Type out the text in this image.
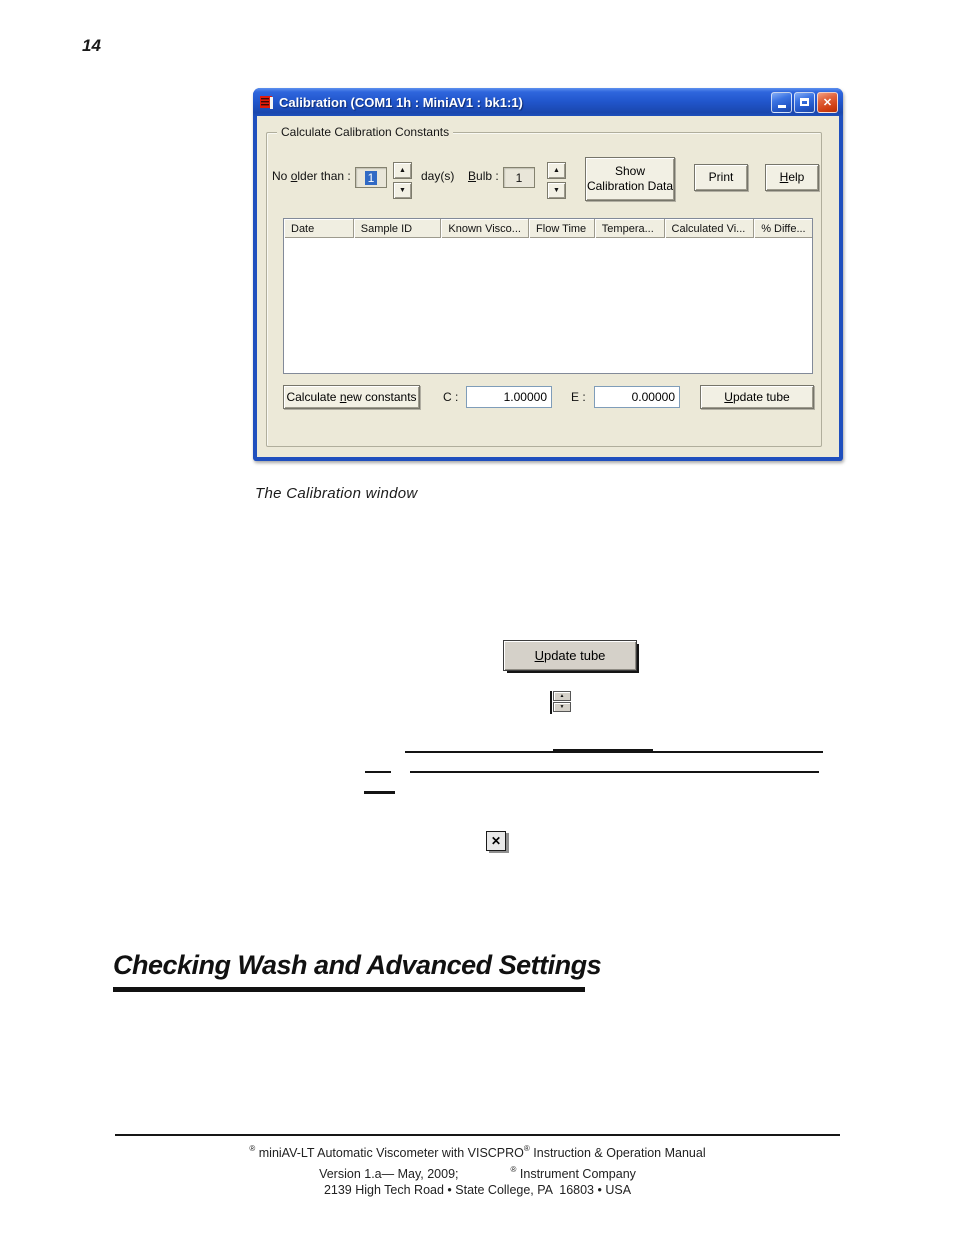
14
Calibration (COM1 1h : MiniAV1 : bk1:1)	✕
Calculate Calibration Constants
No older than : 1	▲
▼
day(s) Bulb : 1	▲
▼
Show
Calibration Data
Print	Help
Date	Sample ID	Known Visco...	Flow Time	Tempera...	Calculated Vi...	% Diffe...
Calculate new constants C :
1.00000	E :
0.00000	Update tube
The Calibration window
Update tube
▲
▼
✕
Checking Wash and Advanced Settings
® miniAV-LT Automatic Viscometer with VISCPRO® Instruction & Operation Manual
Version 1.a— May, 2009;	® Instrument Company
2139 High Tech Road • State College, PA  16803 • USA
